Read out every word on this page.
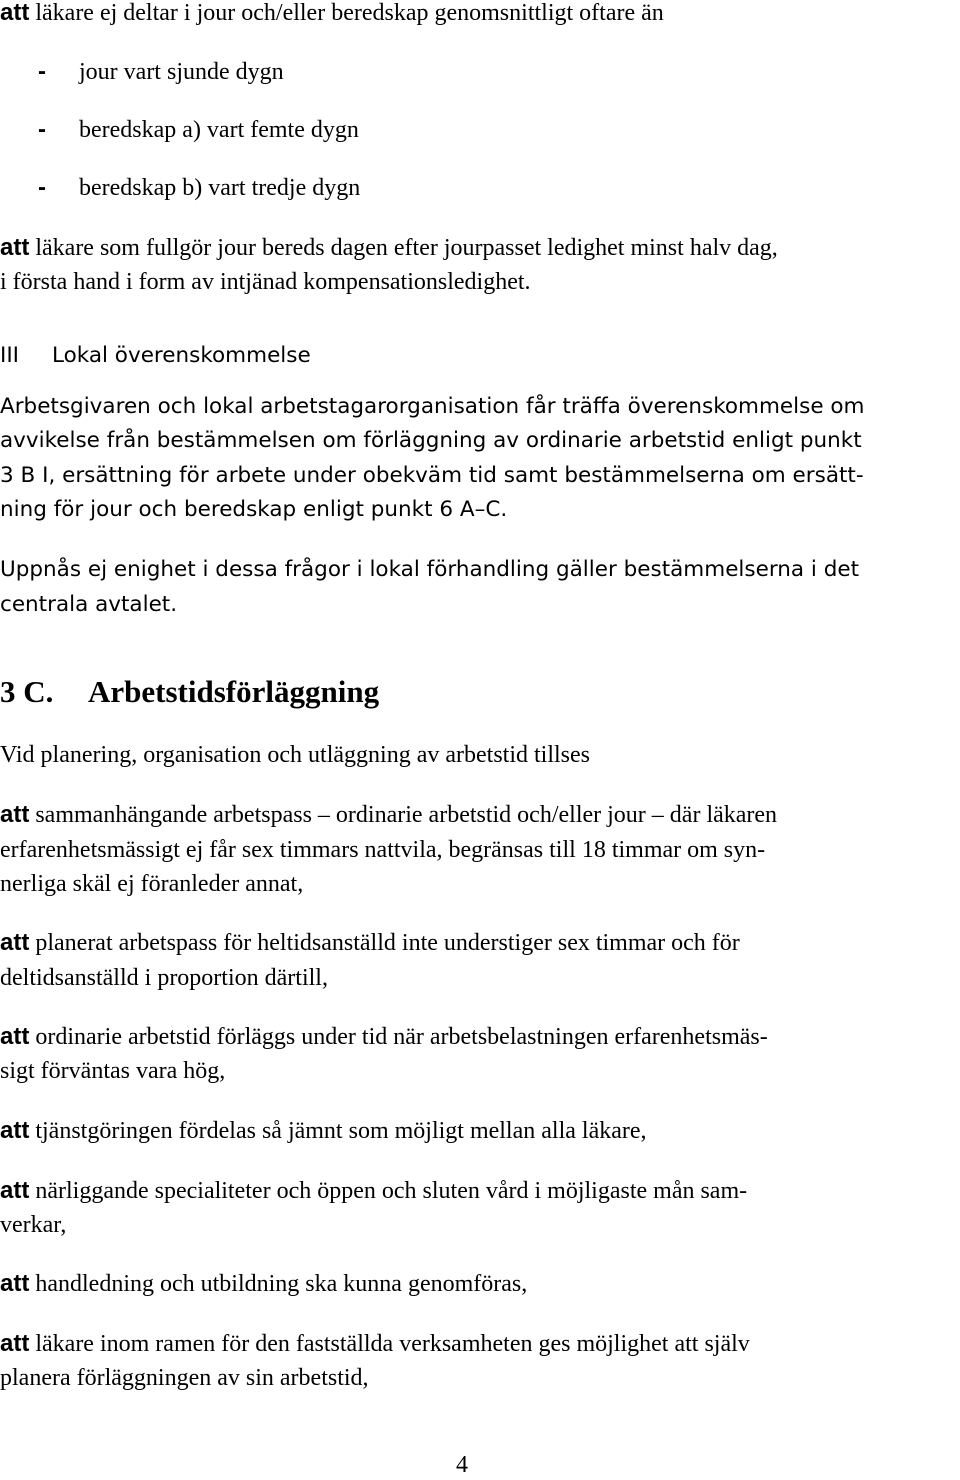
att läkare ej deltar i jour och/eller beredskap genomsnittligt oftare än
- jour vart sjunde dygn
- beredskap a) vart femte dygn
- beredskap b) vart tredje dygn
att läkare som fullgör jour bereds dagen efter jourpasset ledighet minst halv dag,
i första hand i form av intjänad kompensationsledighet.
III Lokal överenskommelse
Arbetsgivaren och lokal arbetstagarorganisation får träffa överenskommelse om
avvikelse från bestämmelsen om förläggning av ordinarie arbetstid enligt punkt
3 B I, ersättning för arbete under obekväm tid samt bestämmelserna om ersätt-
ning för jour och beredskap enligt punkt 6 A–C.
Uppnås ej enighet i dessa frågor i lokal förhandling gäller bestämmelserna i det
centrala avtalet.
3 C. Arbetstidsförläggning
Vid planering, organisation och utläggning av arbetstid tillses
att sammanhängande arbetspass – ordinarie arbetstid och/eller jour – där läkaren
erfarenhetsmässigt ej får sex timmars nattvila, begränsas till 18 timmar om syn-
nerliga skäl ej föranleder annat,
att planerat arbetspass för heltidsanställd inte understiger sex timmar och för
deltidsanställd i proportion därtill,
att ordinarie arbetstid förläggs under tid när arbetsbelastningen erfarenhetsmäs-
sigt förväntas vara hög,
att tjänstgöringen fördelas så jämnt som möjligt mellan alla läkare,
att närliggande specialiteter och öppen och sluten vård i möjligaste mån sam-
verkar,
att handledning och utbildning ska kunna genomföras,
att läkare inom ramen för den fastställda verksamheten ges möjlighet att själv
planera förläggningen av sin arbetstid,
4
